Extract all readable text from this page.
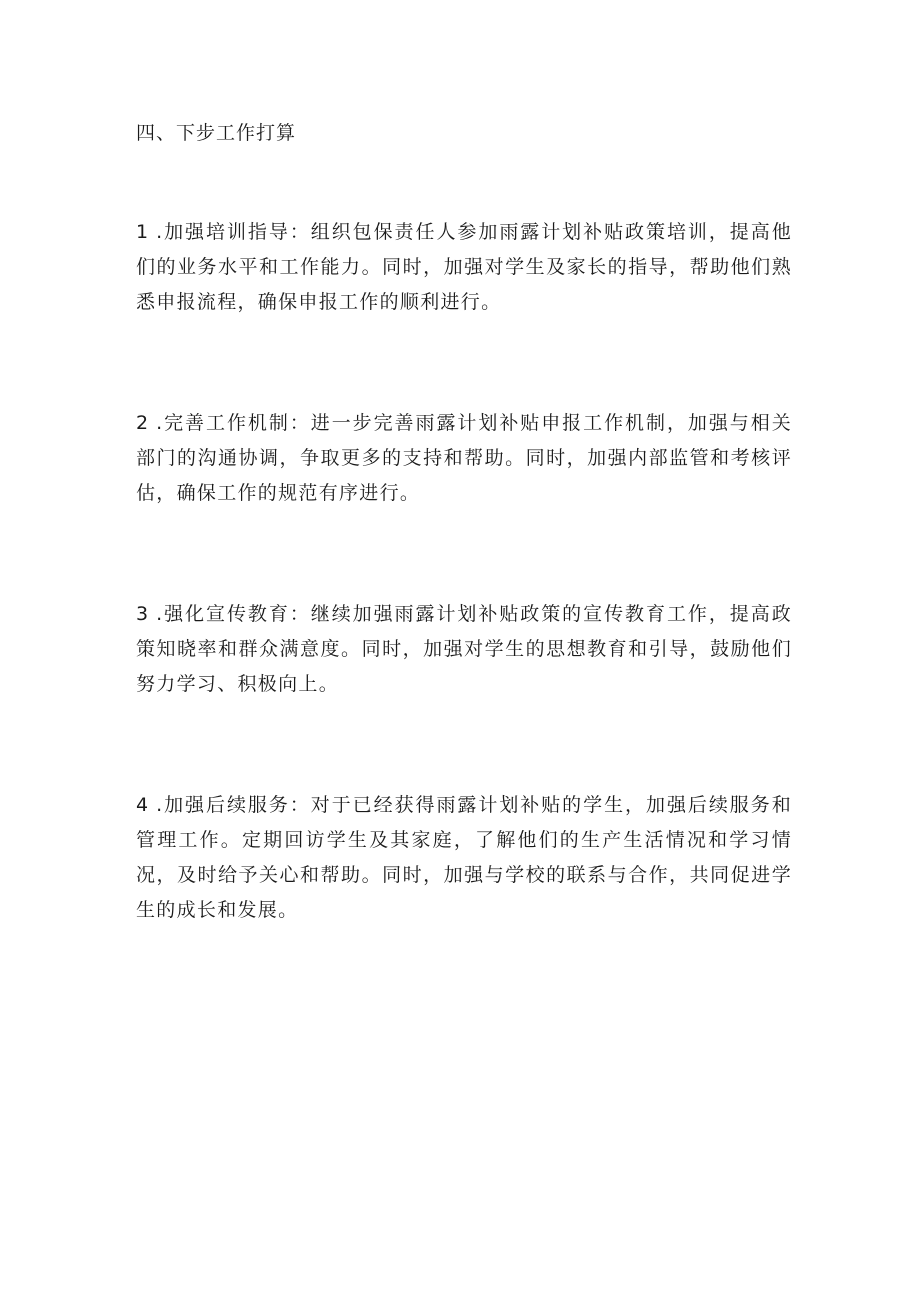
四、下步工作打算

1 .加强培训指导：组织包保责任人参加雨露计划补贴政策培训，提高他们的业务水平和工作能力。同时，加强对学生及家长的指导，帮助他们熟悉申报流程，确保申报工作的顺利进行。

2 .完善工作机制：进一步完善雨露计划补贴申报工作机制，加强与相关部门的沟通协调，争取更多的支持和帮助。同时，加强内部监管和考核评估，确保工作的规范有序进行。

3 .强化宣传教育：继续加强雨露计划补贴政策的宣传教育工作，提高政策知晓率和群众满意度。同时，加强对学生的思想教育和引导，鼓励他们努力学习、积极向上。

4 .加强后续服务：对于已经获得雨露计划补贴的学生，加强后续服务和管理工作。定期回访学生及其家庭，了解他们的生产生活情况和学习情况，及时给予关心和帮助。同时，加强与学校的联系与合作，共同促进学生的成长和发展。
